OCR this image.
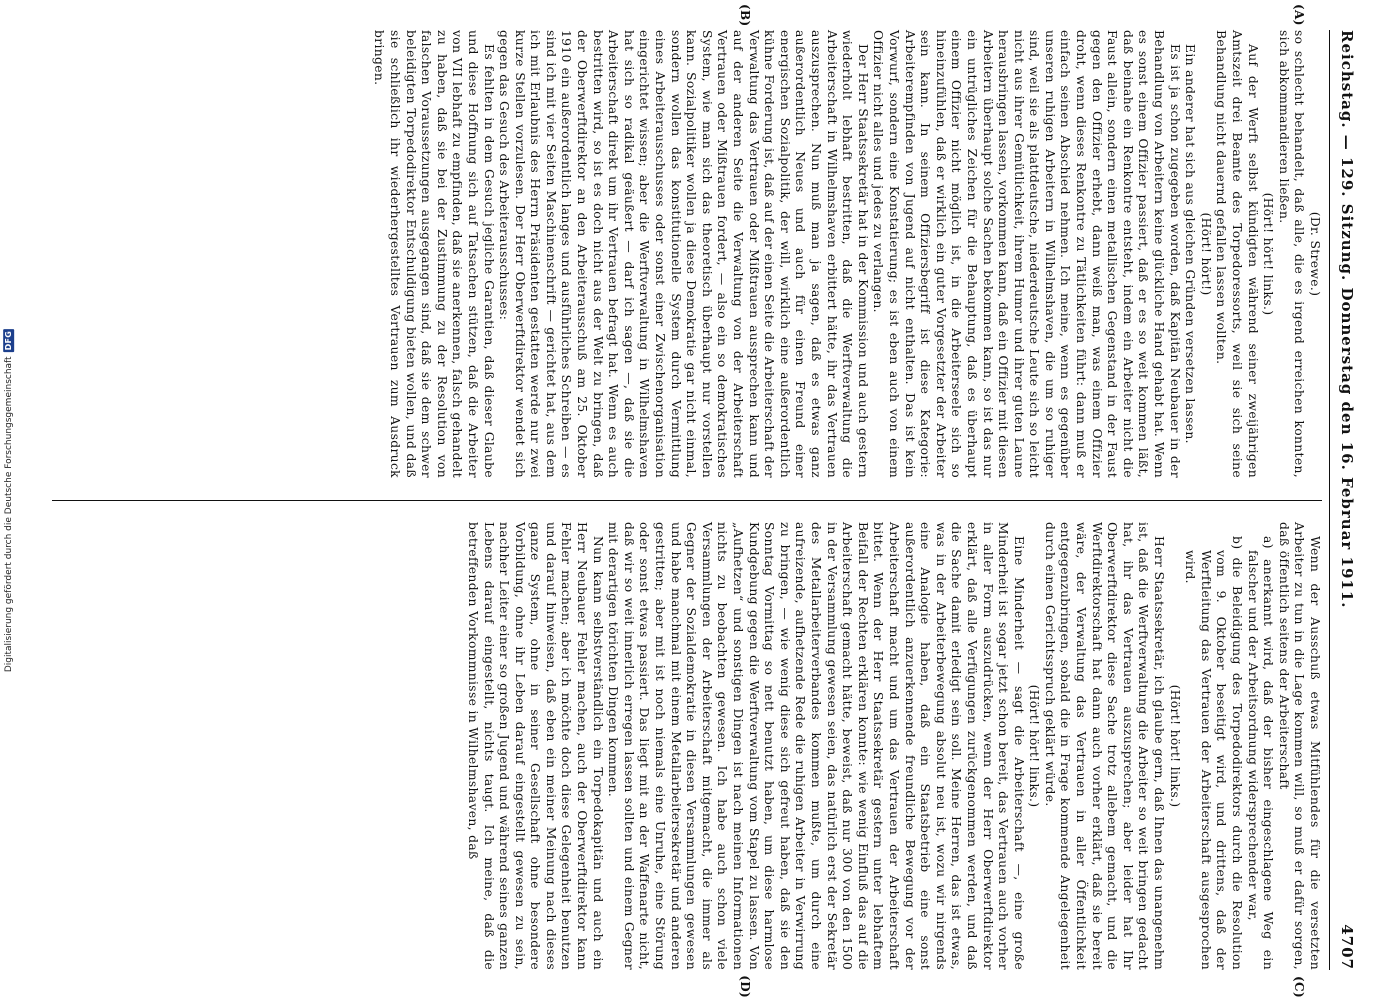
Digitalisierung gefördert durch die Deutsche Forschungsgemeinschaft
DFG	Reichstag. — 129. Sitzung. Donnerstag den 16. Februar 1911.
4707
(A)
(B)

(Dr. Strewe.)

so schlecht behandelt, daß alle, die es irgend erreichen konnten, sich abkommandieren ließen.

(Hört! hört! links.)

Auf der Werft selbst kündigten während seiner zweijährigen Amtszeit drei Beamte des Torpedoressorts, weil sie sich seine Behandlung nicht dauernd gefallen lassen wollten.

(Hört! hört!)

Ein anderer hat sich aus gleichen Gründen versetzen lassen.

Es ist ja schon zugegeben worden, daß Kapitän Neubauer in der Behandlung von Arbeitern keine glückliche Hand gehabt hat. Wenn es sonst einem Offizier passiert, daß er es so weit kommen läßt, daß beinahe ein Renkontre entsteht, indem ein Arbeiter nicht die Faust allein, sondern einen metallischen Gegenstand in der Faust gegen den Offizier erhebt, dann weiß man, was einem Offizier droht, wenn dieses Renkontre zu Tätlichkeiten führt: dann muß er einfach seinen Abschied nehmen. Ich meine, wenn es gegenüber unseren ruhigen Arbeitern in Wilhelmshaven, die um so ruhiger sind, weil sie als plattdeutsche, niederdeutsche Leute sich so leicht nicht aus ihrer Gemütlichkeit, ihrem Humor und ihrer guten Laune herausbringen lassen, vorkommen kann, daß ein Offizier mit diesen Arbeitern überhaupt solche Sachen bekommen kann, so ist das nur ein untrügliches Zeichen für die Behauptung, daß es überhaupt einem Offizier nicht möglich ist, in die Arbeiterseele sich so hineinzufühlen, daß er wirklich ein guter Vorgesetzter der Arbeiter sein kann. In seinem Offiziersbegriff ist diese Kategorie: Arbeiterempfinden von Jugend auf nicht enthalten. Das ist kein Vorwurf, sondern eine Konstatierung; es ist eben auch von einem Offizier nicht alles und jedes zu verlangen.

Der Herr Staatssekretär hat in der Kommission und auch gestern wiederholt lebhaft bestritten, daß die Werftverwaltung die Arbeiterschaft in Wilhelmshaven erbittert hätte, ihr das Vertrauen auszusprechen. Nun muß man ja sagen, daß es etwas ganz außerordentlich Neues und auch für einen Freund einer energischen Sozialpolitik, der will, wirklich eine außerordentlich kühne Forderung ist, daß auf der einen Seite die Arbeiterschaft der Verwaltung das Vertrauen oder Mißtrauen aussprechen kann und auf der anderen Seite die Verwaltung von der Arbeiterschaft Vertrauen oder Mißtrauen fordert, — also ein so demokratisches System, wie man sich das theoretisch überhaupt nur vorstellen kann. Sozialpolitiker wollen ja diese Demokratie gar nicht einmal, sondern wollen das konstitutionelle System durch Vermittlung eines Arbeiterausschusses oder sonst einer Zwischenorganisation eingerichtet wissen; aber die Werftverwaltung in Wilhelmshaven hat sich so radikal geäußert — darf ich sagen —, daß sie die Arbeiterschaft direkt um ihr Vertrauen befragt hat. Wenn es auch bestritten wird, so ist es doch nicht aus der Welt zu bringen, daß der Oberwerftdirektor an den Arbeiterausschuß am 25. Oktober 1910 ein außerordentlich langes und ausführliches Schreiben — es sind ich mit vier Seiten Maschinenschrift — gerichtet hat, aus dem ich mit Erlaubnis des Herrn Präsidenten gestatten werde nur zwei kurze Stellen vorzulesen. Der Herr Oberwerftdirektor wendet sich gegen das Gesuch des Arbeiterausschusses:

Es fehlten in dem Gesuch jegliche Garantien, daß dieser Glaube und diese Hoffnung sich auf Tatsachen stützen, daß die Arbeiter von VII lebhaft zu empfinden, daß sie anerkennen, falsch gehandelt zu haben, daß sie bei der Zustimmung zu der Resolution von falschen Voraussetzungen ausgegangen sind, daß sie dem schwer beleidigten Torpedodirektor Entschuldigung bieten wollen, und daß sie schließlich ihr wiederhergestelltes Vertrauen zum Ausdruck bringen.

(C)
(D)

Wenn der Ausschuß etwas Mitfühlendes für die versetzten Arbeiter zu tun in die Lage kommen will, so muß er dafür sorgen, daß öffentlich seitens der Arbeiterschaft

a) anerkannt wird, daß der bisher eingeschlagene Weg ein falscher und der Arbeitsordnung widersprechender war,

b) die Beleidigung des Torpedodirektors durch die Resolution vom 9. Oktober beseitigt wird, und drittens, daß der Werftleitung das Vertrauen der Arbeiterschaft ausgesprochen wird.

(Hört! hört! links.)

Herr Staatssekretär, ich glaube gern, daß Ihnen das unangenehm ist, daß die Werftverwaltung die Arbeiter so weit bringen gedacht hat, ihr das Vertrauen auszusprechen; aber leider hat Ihr Oberwerftdirektor diese Sache trotz allebem gemacht, und die Werftdirektorschaft hat dann auch vorher erklärt, daß sie bereit wäre, der Verwaltung das Vertrauen in aller Öffentlichkeit entgegenzubringen, sobald die in Frage kommende Angelegenheit durch einen Gerichtsspruch geklärt würde.

(Hört! hört! links.)

Eine Minderheit — sagt die Arbeiterschaft —, eine große Minderheit ist sogar jetzt schon bereit, das Vertrauen auch vorher in aller Form auszudrücken, wenn der Herr Oberwerftdirektor erklärt, daß alle Verfügungen zurückgenommen werden, und daß die Sache damit erledigt sein soll. Meine Herren, das ist etwas, was in der Arbeiterbewegung absolut neu ist, wozu wir nirgends eine Analogie haben, daß ein Staatsbetrieb eine sonst außerordentlich anzuerkennende freundliche Bewegung vor der Arbeiterschaft macht und um das Vertrauen der Arbeiterschaft bittet. Wenn der Herr Staatssekretär gestern unter lebhaftem Beifall der Rechten erklären konnte: wie wenig Einfluß das auf die Arbeiterschaft gemacht hätte, beweist, daß nur 300 von den 1500 in der Versammlung gewesen seien, das natürlich erst der Sekretär des Metallarbeiterverbandes kommen mußte, um durch eine aufreizende, aufhetzende Rede die ruhigen Arbeiter in Verwirrung zu bringen, — wie wenig diese sich gefreut haben, daß sie den Sonntag Vormittag so nett benutzt haben, um diese harmlose Kundgebung gegen die Werftverwaltung vom Stapel zu lassen. Von „Aufhetzen“ und sonstigen Dingen ist nach meinen Informationen nichts zu beobachten gewesen. Ich habe auch schon viele Versammlungen der Arbeiterschaft mitgemacht, die immer als Gegner der Sozialdemokratie in diesen Versammlungen gewesen und habe manchmal mit einem Metallarbeitersekretär und anderen gestritten; aber mit ist noch niemals eine Unruhe, eine Störung oder sonst etwas passiert. Das liegt mit an der Waffenarte nicht, daß wir so weit innerlich erregen lassen sollten und einem Gegner mit derartigen törichten Dingen kommen.

Nun kann selbstverständlich ein Torpedokapitän und auch ein Herr Neubauer Fehler machen, auch der Oberwerftdirektor kann Fehler machen; aber ich möchte doch diese Gelegenheit benutzen und darauf hinweisen, daß eben ein meiner Meinung nach dieses ganze System, ohne in seiner Gesellschaft ohne besondere Vorbildung, ohne ihr Leben darauf eingestellt gewesen zu sein, nachher Leiter einer so großen Jugend und während seines ganzen Lebens darauf eingestellt, nichts taugt. Ich meine, daß die betreffenden Vorkommnisse in Wilhelmshaven, daß
